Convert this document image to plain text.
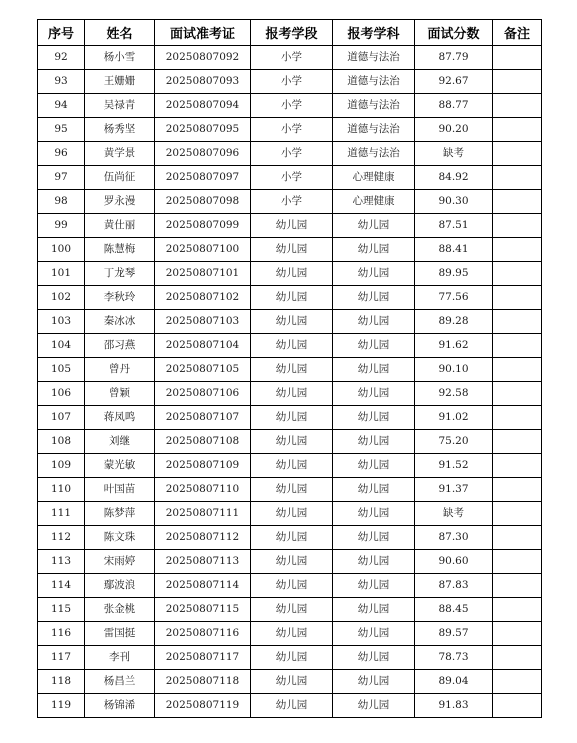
序号	姓名	面试准考证	报考学段	报考学科	面试分数	备注
92	杨小雪	20250807092	小学	道德与法治	87.79	
93	王姗姗	20250807093	小学	道德与法治	92.67	
94	吴禄青	20250807094	小学	道德与法治	88.77	
95	杨秀坚	20250807095	小学	道德与法治	90.20	
96	黄学景	20250807096	小学	道德与法治	缺考	
97	伍尚征	20250807097	小学	心理健康	84.92	
98	罗永漫	20250807098	小学	心理健康	90.30	
99	黄仕丽	20250807099	幼儿园	幼儿园	87.51	
100	陈慧梅	20250807100	幼儿园	幼儿园	88.41	
101	丁龙琴	20250807101	幼儿园	幼儿园	89.95	
102	李秋玲	20250807102	幼儿园	幼儿园	77.56	
103	秦冰冰	20250807103	幼儿园	幼儿园	89.28	
104	邵习燕	20250807104	幼儿园	幼儿园	91.62	
105	曾丹	20250807105	幼儿园	幼儿园	90.10	
106	曾颖	20250807106	幼儿园	幼儿园	92.58	
107	蒋凤鸣	20250807107	幼儿园	幼儿园	91.02	
108	刘继	20250807108	幼儿园	幼儿园	75.20	
109	蒙光敏	20250807109	幼儿园	幼儿园	91.52	
110	叶国苗	20250807110	幼儿园	幼儿园	91.37	
111	陈梦萍	20250807111	幼儿园	幼儿园	缺考	
112	陈文珠	20250807112	幼儿园	幼儿园	87.30	
113	宋雨婷	20250807113	幼儿园	幼儿园	90.60	
114	鄢波浪	20250807114	幼儿园	幼儿园	87.83	
115	张金桃	20250807115	幼儿园	幼儿园	88.45	
116	雷国挺	20250807116	幼儿园	幼儿园	89.57	
117	李刊	20250807117	幼儿园	幼儿园	78.73	
118	杨昌兰	20250807118	幼儿园	幼儿园	89.04	
119	杨锦浠	20250807119	幼儿园	幼儿园	91.83	
